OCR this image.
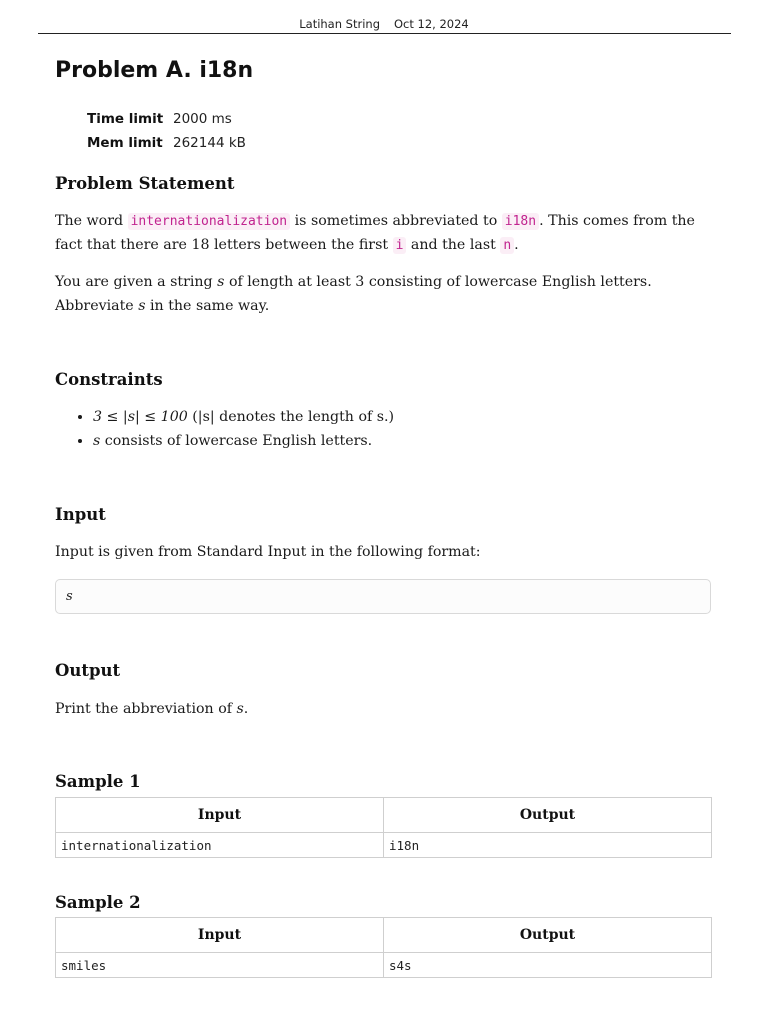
Latihan String Oct 12, 2024
Problem A. i18n
Time limit 2000 ms
Mem limit 262144 kB
Problem Statement

The word internationalization is sometimes abbreviated to i18n . This comes from the fact that there are 18 letters between the first i and the last n .

You are given a string s of length at least 3 consisting of lowercase English letters. Abbreviate s in the same way.

Constraints
• 3 ≤ |s| ≤ 100 (|s| denotes the length of s.)
• s consists of lowercase English letters.
Input

Input is given from Standard Input in the following format:

s
Output

Print the abbreviation of s.

Sample 1
Input	Output
internationalization	i18n
Sample 2
Input	Output
smiles	s4s
